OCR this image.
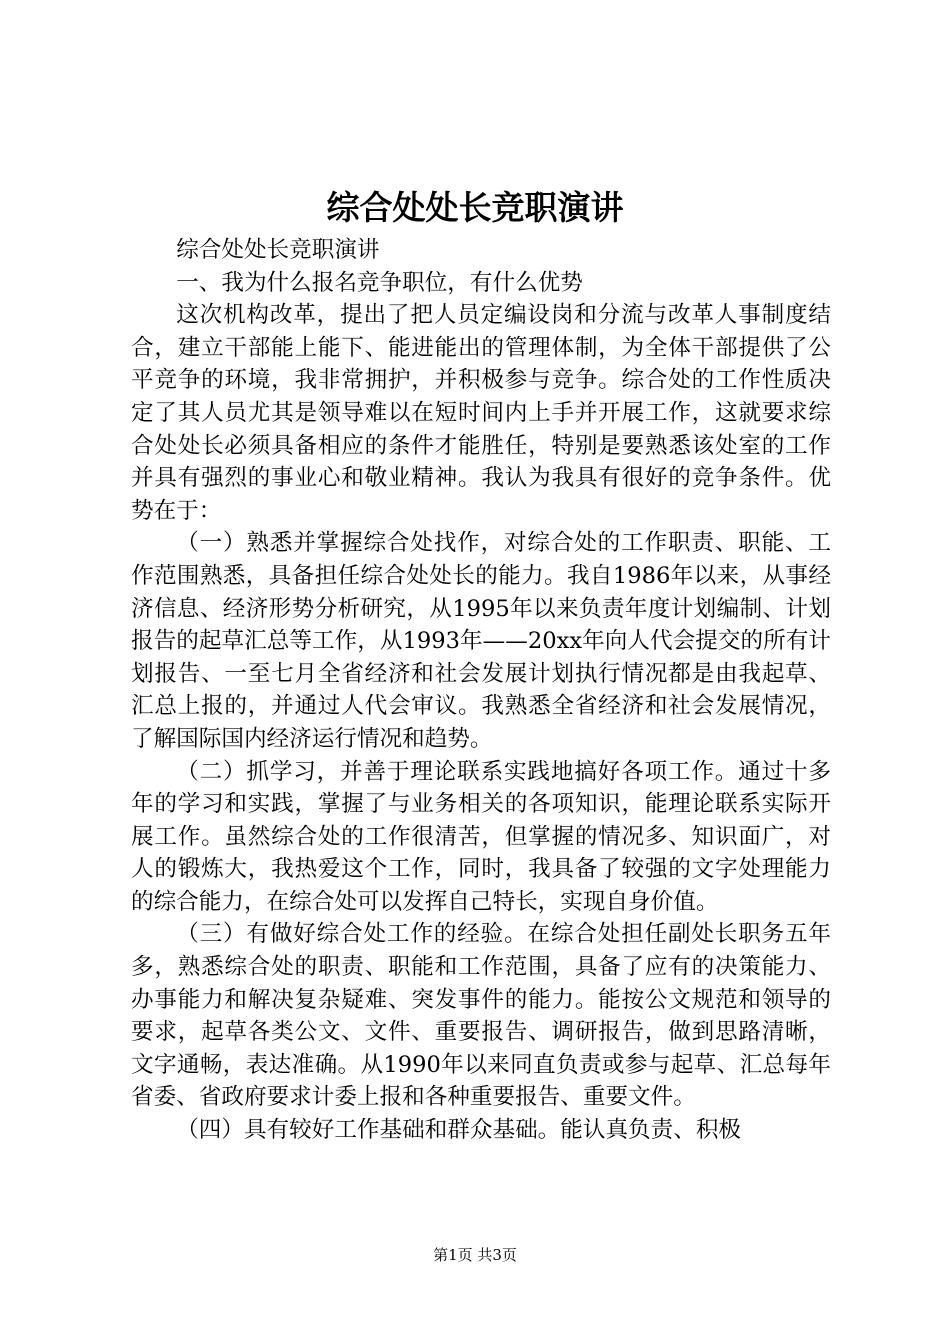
综合处处长竞职演讲

综合处处长竞职演讲

一、我为什么报名竞争职位，有什么优势

这次机构改革，提出了把人员定编设岗和分流与改革人事制度结合，建立干部能上能下、能进能出的管理体制，为全体干部提供了公平竞争的环境，我非常拥护，并积极参与竞争。综合处的工作性质决定了其人员尤其是领导难以在短时间内上手并开展工作，这就要求综合处处长必须具备相应的条件才能胜任，特别是要熟悉该处室的工作并具有强烈的事业心和敬业精神。我认为我具有很好的竞争条件。优势在于：

（一）熟悉并掌握综合处找作，对综合处的工作职责、职能、工作范围熟悉，具备担任综合处处长的能力。我自1986年以来，从事经济信息、经济形势分析研究，从1995年以来负责年度计划编制、计划报告的起草汇总等工作，从1993年——20xx年向人代会提交的所有计划报告、一至七月全省经济和社会发展计划执行情况都是由我起草、汇总上报的，并通过人代会审议。我熟悉全省经济和社会发展情况，了解国际国内经济运行情况和趋势。

（二）抓学习，并善于理论联系实践地搞好各项工作。通过十多年的学习和实践，掌握了与业务相关的各项知识，能理论联系实际开展工作。虽然综合处的工作很清苦，但掌握的情况多、知识面广，对人的锻炼大，我热爱这个工作，同时，我具备了较强的文字处理能力的综合能力，在综合处可以发挥自己特长，实现自身价值。

（三）有做好综合处工作的经验。在综合处担任副处长职务五年多，熟悉综合处的职责、职能和工作范围，具备了应有的决策能力、办事能力和解决复杂疑难、突发事件的能力。能按公文规范和领导的要求，起草各类公文、文件、重要报告、调研报告，做到思路清晰，文字通畅，表达准确。从1990年以来同直负责或参与起草、汇总每年省委、省政府要求计委上报和各种重要报告、重要文件。

（四）具有较好工作基础和群众基础。能认真负责、积极

第1页 共3页
